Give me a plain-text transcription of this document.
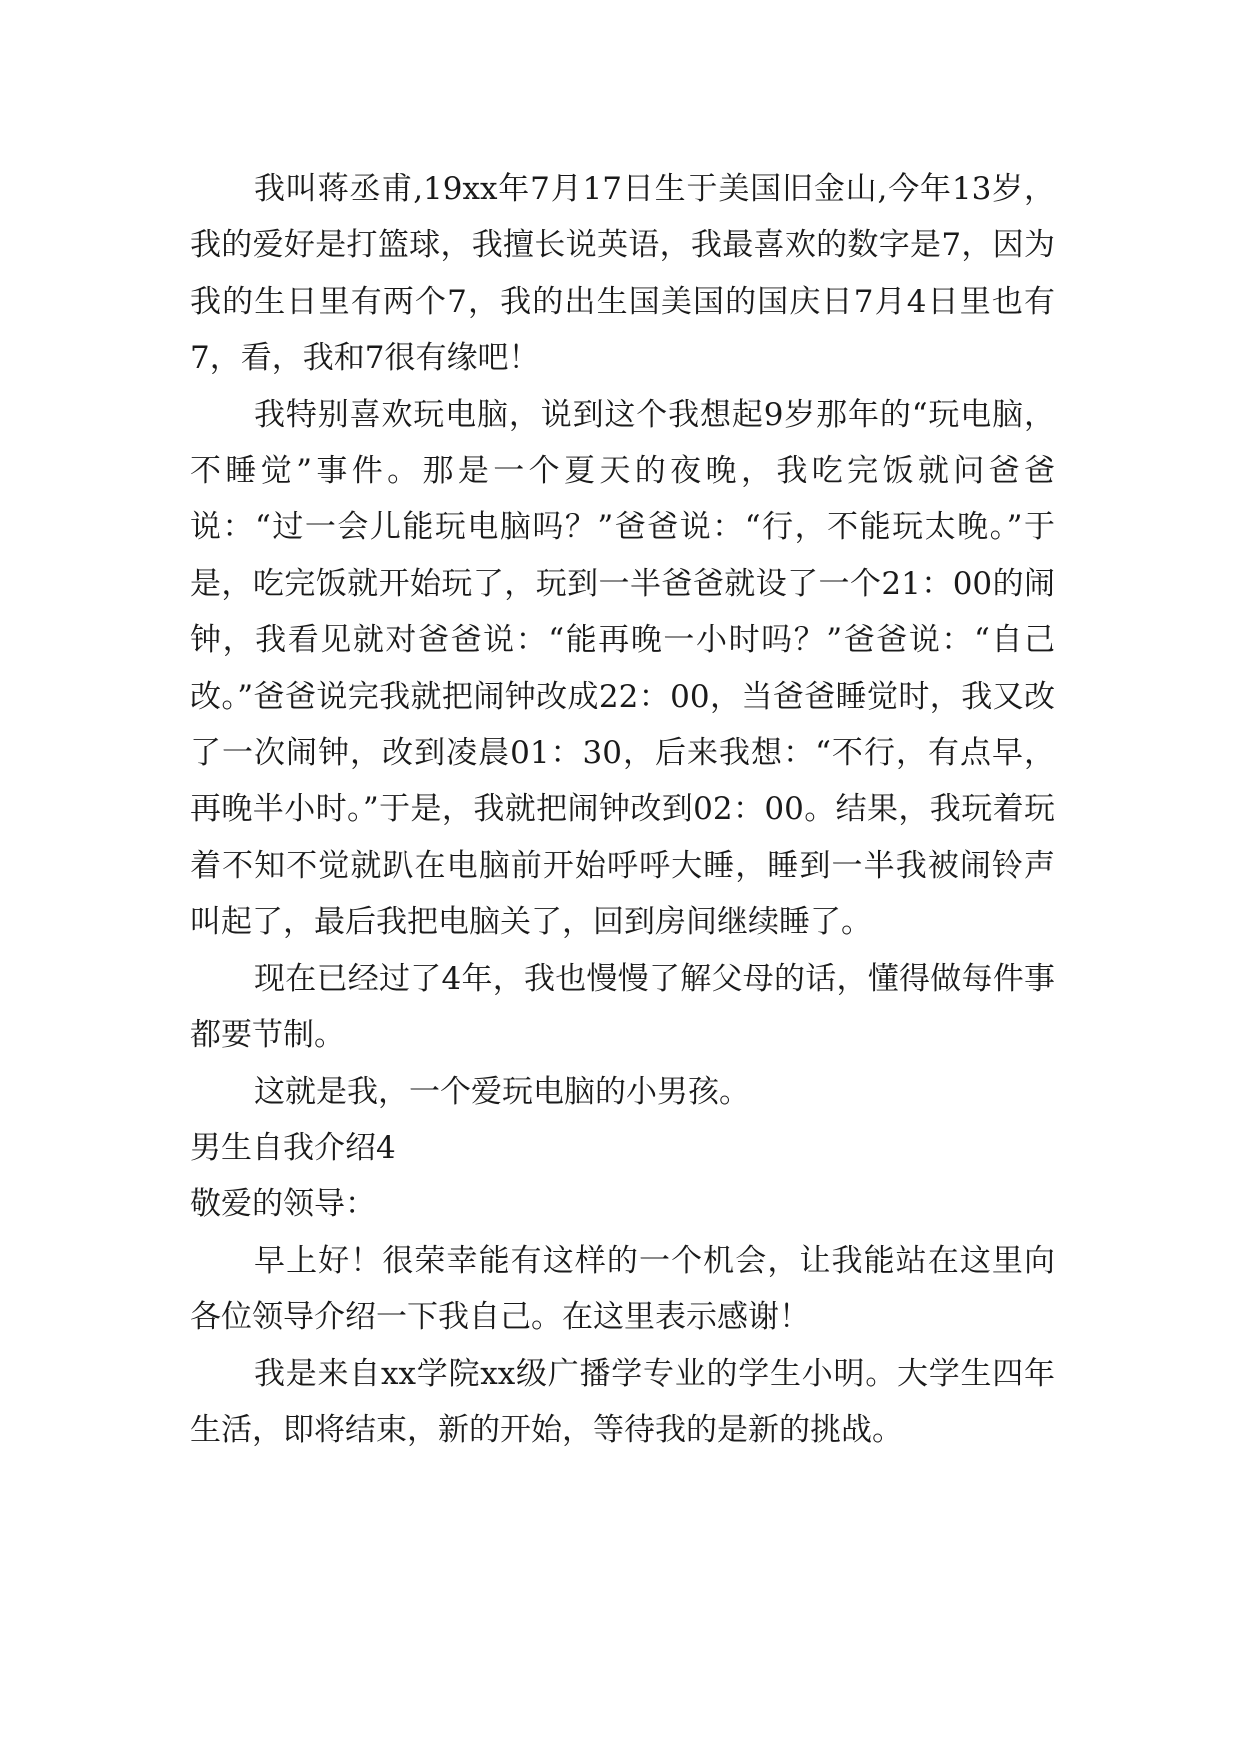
我叫蒋丞甫,19xx年7月17日生于美国旧金山,今年13岁，我的爱好是打篮球，我擅长说英语，我最喜欢的数字是7，因为我的生日里有两个7，我的出生国美国的国庆日7月4日里也有7，看，我和7很有缘吧！

我特别喜欢玩电脑，说到这个我想起9岁那年的“玩电脑，不睡觉”事件。那是一个夏天的夜晚，我吃完饭就问爸爸说：“过一会儿能玩电脑吗？”爸爸说：“行，不能玩太晚。”于是，吃完饭就开始玩了，玩到一半爸爸就设了一个21：00的闹钟，我看见就对爸爸说：“能再晚一小时吗？”爸爸说：“自己改。”爸爸说完我就把闹钟改成22：00，当爸爸睡觉时，我又改了一次闹钟，改到凌晨01：30，后来我想：“不行，有点早，再晚半小时。”于是，我就把闹钟改到02：00。结果，我玩着玩着不知不觉就趴在电脑前开始呼呼大睡，睡到一半我被闹铃声叫起了，最后我把电脑关了，回到房间继续睡了。

现在已经过了4年，我也慢慢了解父母的话，懂得做每件事都要节制。

这就是我，一个爱玩电脑的小男孩。

男生自我介绍4

敬爱的领导：

早上好！很荣幸能有这样的一个机会，让我能站在这里向各位领导介绍一下我自己。在这里表示感谢！

我是来自xx学院xx级广播学专业的学生小明。大学生四年生活，即将结束，新的开始，等待我的是新的挑战。
